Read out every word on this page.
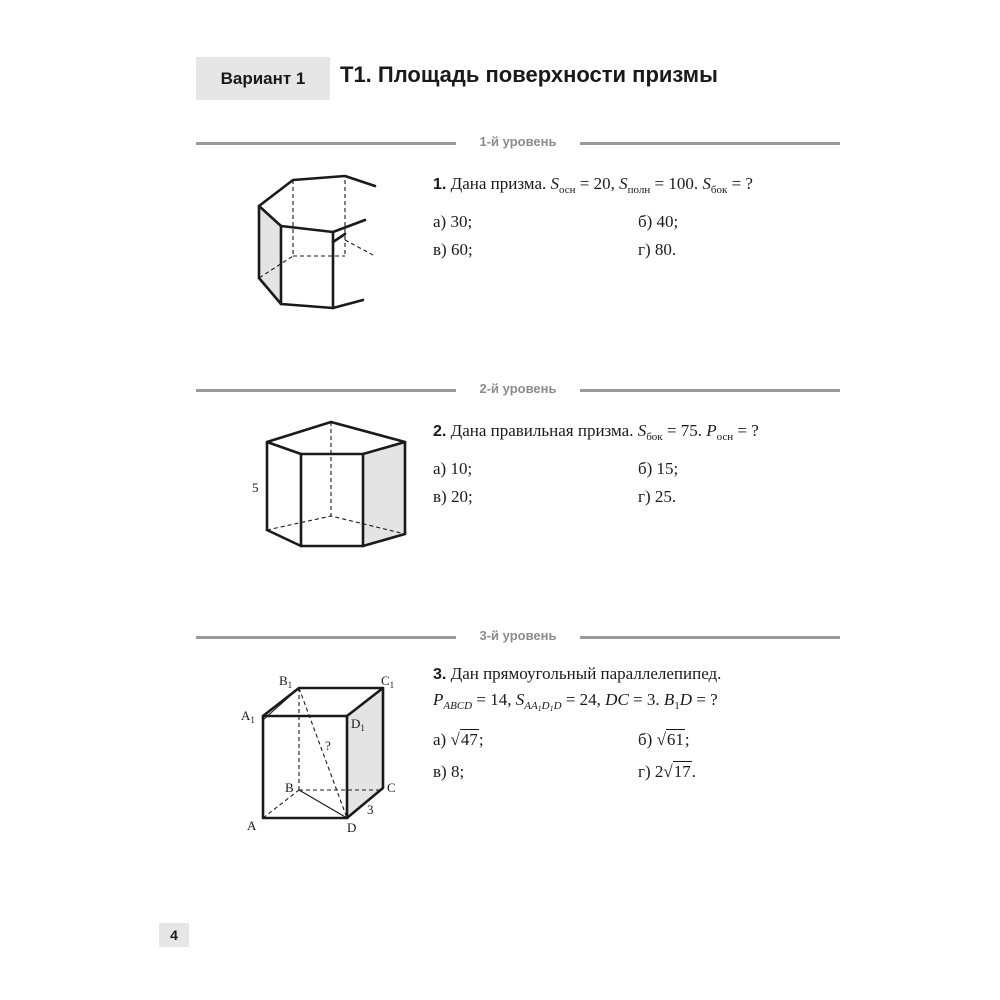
Вариант 1 Т1. Площадь поверхности призмы
1-й уровень
1. Дана призма. $S_{осн} = 20$, $S_{полн} = 100$. $S_{бок}$ = ?
а) 30;	б) 40;
в) 60;	г) 80.
2-й уровень
5
2. Дана правильная призма. $S_{бок} = 75$. $P_{осн}$ = ?
а) 10;	б) 15;
в) 20;	г) 25.
3-й уровень
$B_1$	$C_1$
$A_1$	$D_1$
?
B	C
3
A	D
3. Дан прямоугольный параллелепипед.
$P_{ABCD} = 14$, $S_{AA_1D_1D} = 24$, DC = 3. $B_1D$ = ?
а) √47;	б) √61;
в) 8;	г) 2√17.
4
